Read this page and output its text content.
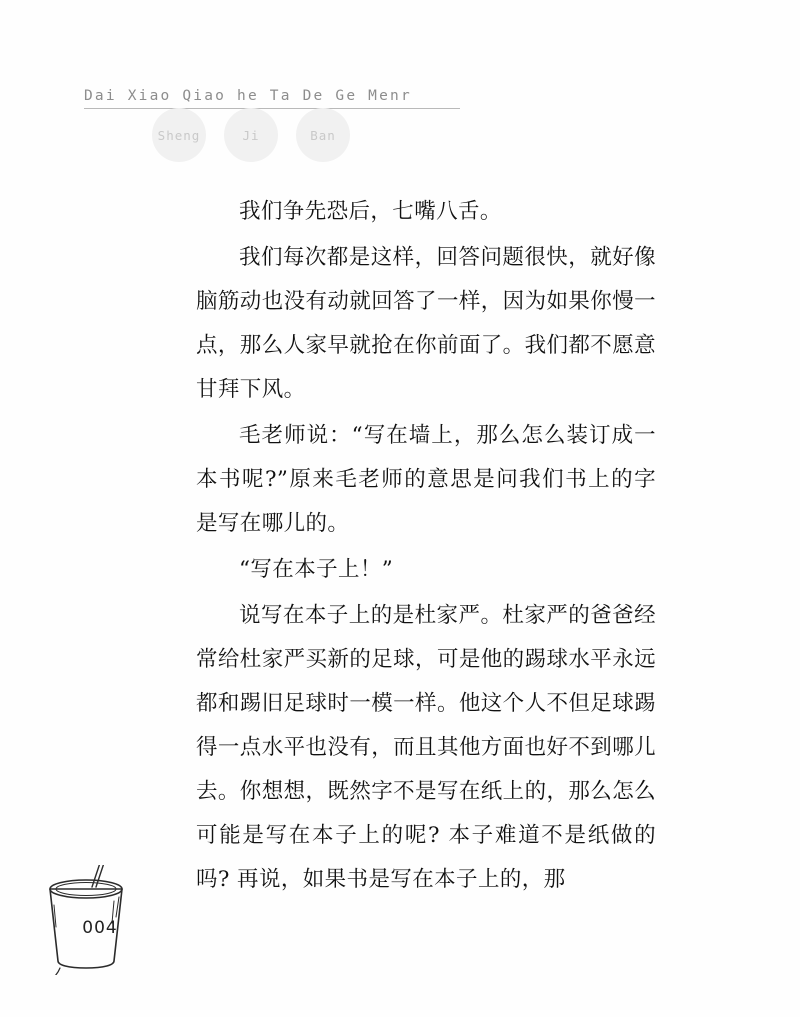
Dai Xiao Qiao he Ta De Ge Menr
Sheng	Ji	Ban

我们争先恐后，七嘴八舌。

我们每次都是这样，回答问题很快，就好像脑筋动也没有动就回答了一样，因为如果你慢一点，那么人家早就抢在你前面了。我们都不愿意甘拜下风。

毛老师说：“写在墙上，那么怎么装订成一本书呢?”原来毛老师的意思是问我们书上的字是写在哪儿的。

“写在本子上！”

说写在本子上的是杜家严。杜家严的爸爸经常给杜家严买新的足球，可是他的踢球水平永远都和踢旧足球时一模一样。他这个人不但足球踢得一点水平也没有，而且其他方面也好不到哪儿去。你想想，既然字不是写在纸上的，那么怎么可能是写在本子上的呢? 本子难道不是纸做的吗? 再说，如果书是写在本子上的，那

004
